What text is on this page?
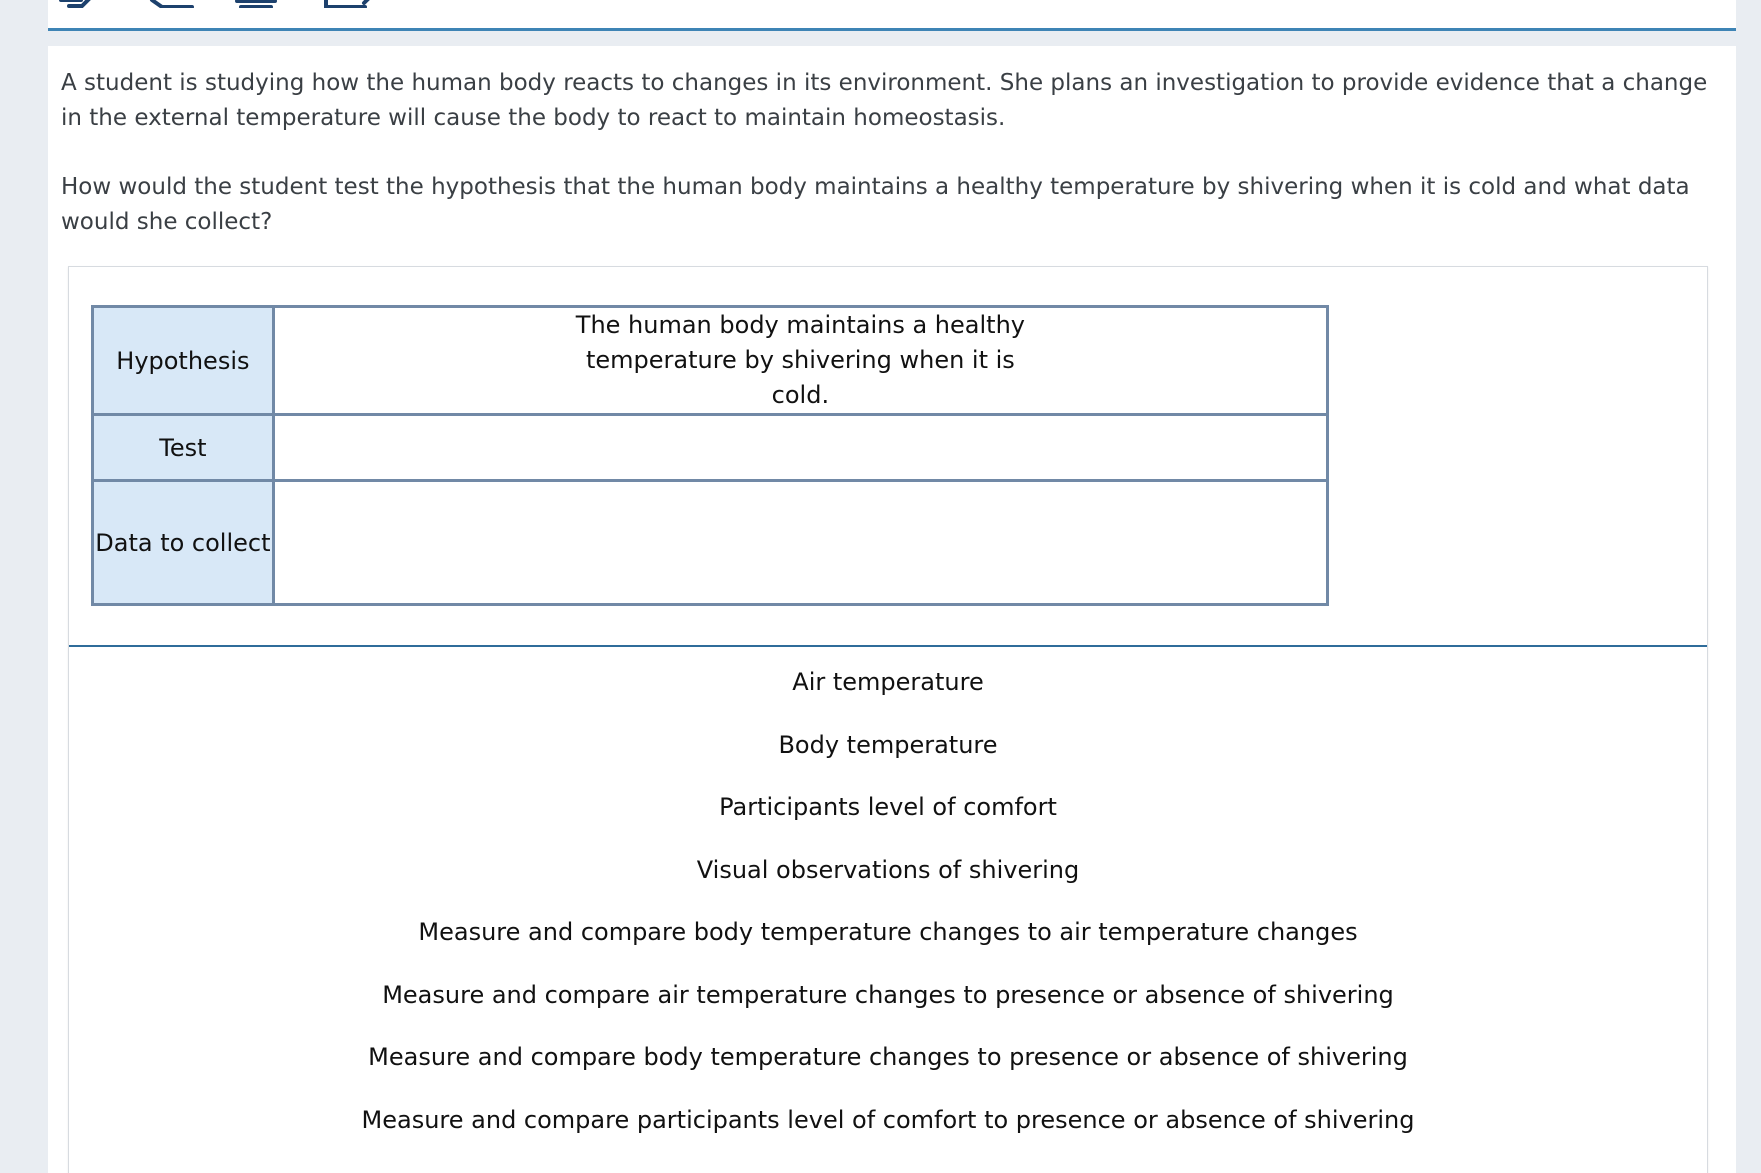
A student is studying how the human body reacts to changes in its environment. She plans an investigation to provide evidence that a change in the external temperature will cause the body to react to maintain homeostasis.

How would the student test the hypothesis that the human body maintains a healthy temperature by shivering when it is cold and what data would she collect?

Hypothesis	The human body maintains a healthy temperature by shivering when it is cold.

Test	
Data to collect	
Air temperature
Body temperature
Participants level of comfort
Visual observations of shivering
Measure and compare body temperature changes to air temperature changes
Measure and compare air temperature changes to presence or absence of shivering
Measure and compare body temperature changes to presence or absence of shivering
Measure and compare participants level of comfort to presence or absence of shivering
